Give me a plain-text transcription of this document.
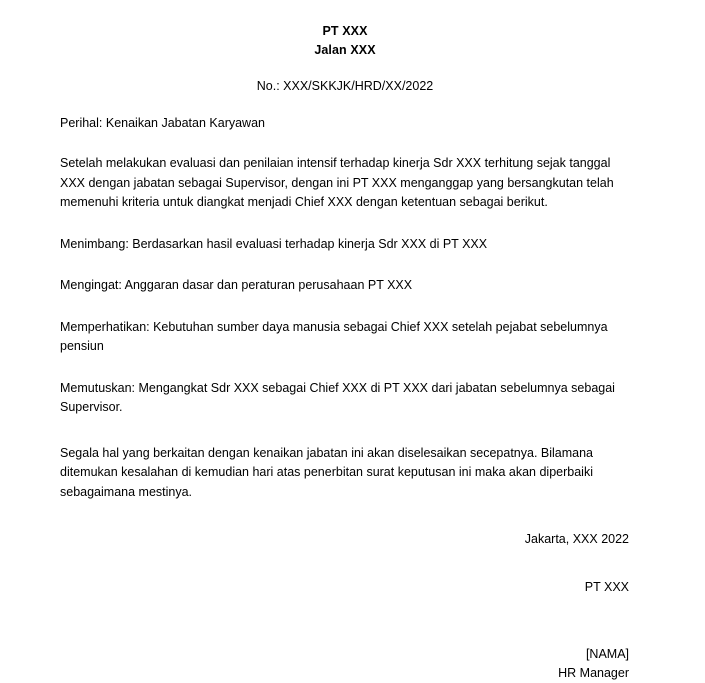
PT XXX
Jalan XXX
No.: XXX/SKKJK/HRD/XX/2022
Perihal: Kenaikan Jabatan Karyawan
Setelah melakukan evaluasi dan penilaian intensif terhadap kinerja Sdr XXX terhitung sejak tanggal XXX dengan jabatan sebagai Supervisor, dengan ini PT XXX menganggap yang bersangkutan telah memenuhi kriteria untuk diangkat menjadi Chief XXX dengan ketentuan sebagai berikut.
Menimbang: Berdasarkan hasil evaluasi terhadap kinerja Sdr XXX di PT XXX
Mengingat: Anggaran dasar dan peraturan perusahaan PT XXX
Memperhatikan: Kebutuhan sumber daya manusia sebagai Chief XXX setelah pejabat sebelumnya pensiun
Memutuskan: Mengangkat Sdr XXX sebagai Chief XXX di PT XXX dari jabatan sebelumnya sebagai Supervisor.
Segala hal yang berkaitan dengan kenaikan jabatan ini akan diselesaikan secepatnya. Bilamana ditemukan kesalahan di kemudian hari atas penerbitan surat keputusan ini maka akan diperbaiki sebagaimana mestinya.
Jakarta, XXX 2022
PT XXX
[NAMA]
HR Manager
